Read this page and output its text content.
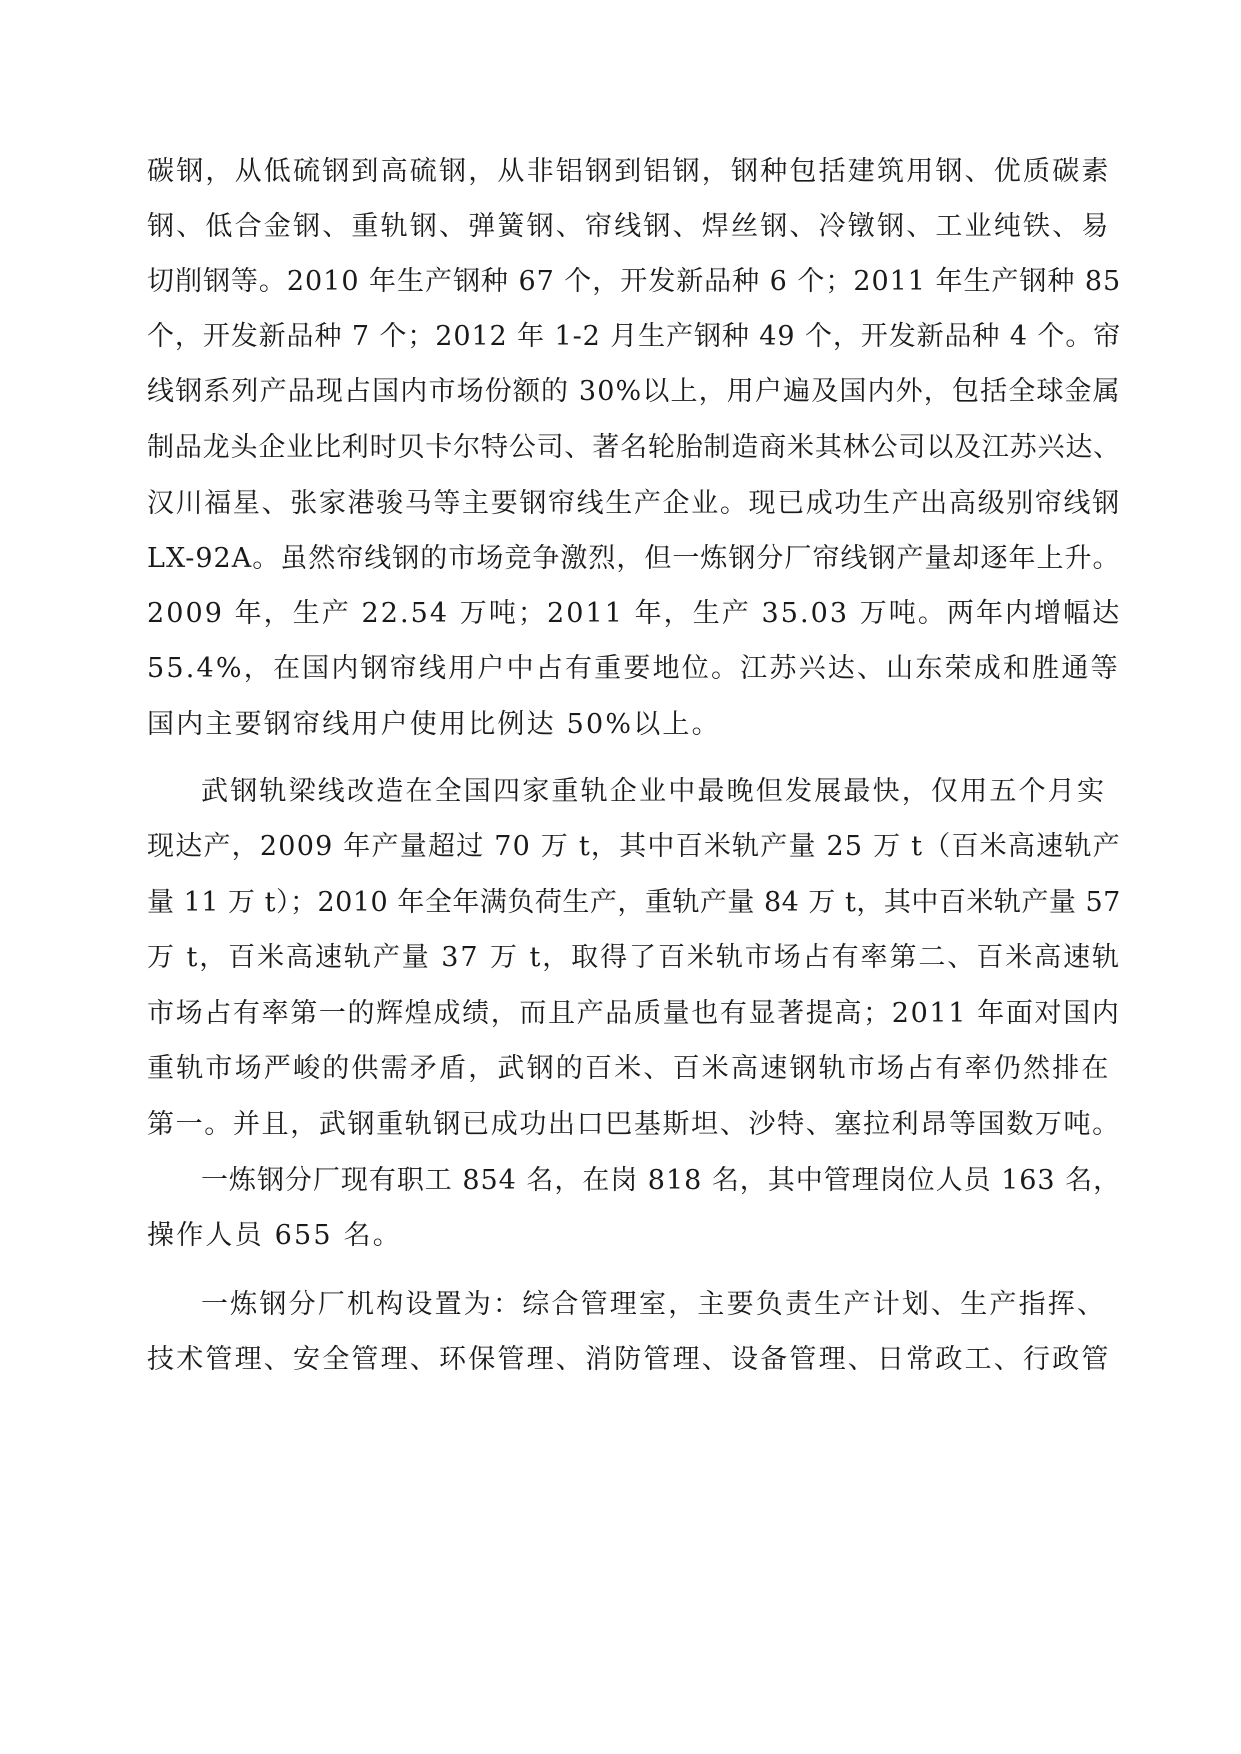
碳钢，从低硫钢到高硫钢，从非铝钢到铝钢，钢种包括建筑用钢、优质碳素
钢、低合金钢、重轨钢、弹簧钢、帘线钢、焊丝钢、冷镦钢、工业纯铁、易
切削钢等。2010 年生产钢种 67 个，开发新品种 6 个；2011 年生产钢种 85
个，开发新品种 7 个；2012 年 1-2 月生产钢种 49 个，开发新品种 4 个。帘
线钢系列产品现占国内市场份额的 30%以上，用户遍及国内外，包括全球金属
制品龙头企业比利时贝卡尔特公司、著名轮胎制造商米其林公司以及江苏兴达、
汉川福星、张家港骏马等主要钢帘线生产企业。现已成功生产出高级别帘线钢
LX-92A。虽然帘线钢的市场竞争激烈，但一炼钢分厂帘线钢产量却逐年上升。
2009 年，生产 22.54 万吨；2011 年，生产 35.03 万吨。两年内增幅达
55.4%，在国内钢帘线用户中占有重要地位。江苏兴达、山东荣成和胜通等
国内主要钢帘线用户使用比例达 50%以上。
武钢轨梁线改造在全国四家重轨企业中最晚但发展最快，仅用五个月实
现达产，2009 年产量超过 70 万 t，其中百米轨产量 25 万 t（百米高速轨产
量 11 万 t）；2010 年全年满负荷生产，重轨产量 84 万 t，其中百米轨产量 57
万 t，百米高速轨产量 37 万 t，取得了百米轨市场占有率第二、百米高速轨
市场占有率第一的辉煌成绩，而且产品质量也有显著提高；2011 年面对国内
重轨市场严峻的供需矛盾，武钢的百米、百米高速钢轨市场占有率仍然排在
第一。并且，武钢重轨钢已成功出口巴基斯坦、沙特、塞拉利昂等国数万吨。
一炼钢分厂现有职工 854 名，在岗 818 名，其中管理岗位人员 163 名，
操作人员 655 名。
一炼钢分厂机构设置为：综合管理室，主要负责生产计划、生产指挥、
技术管理、安全管理、环保管理、消防管理、设备管理、日常政工、行政管
